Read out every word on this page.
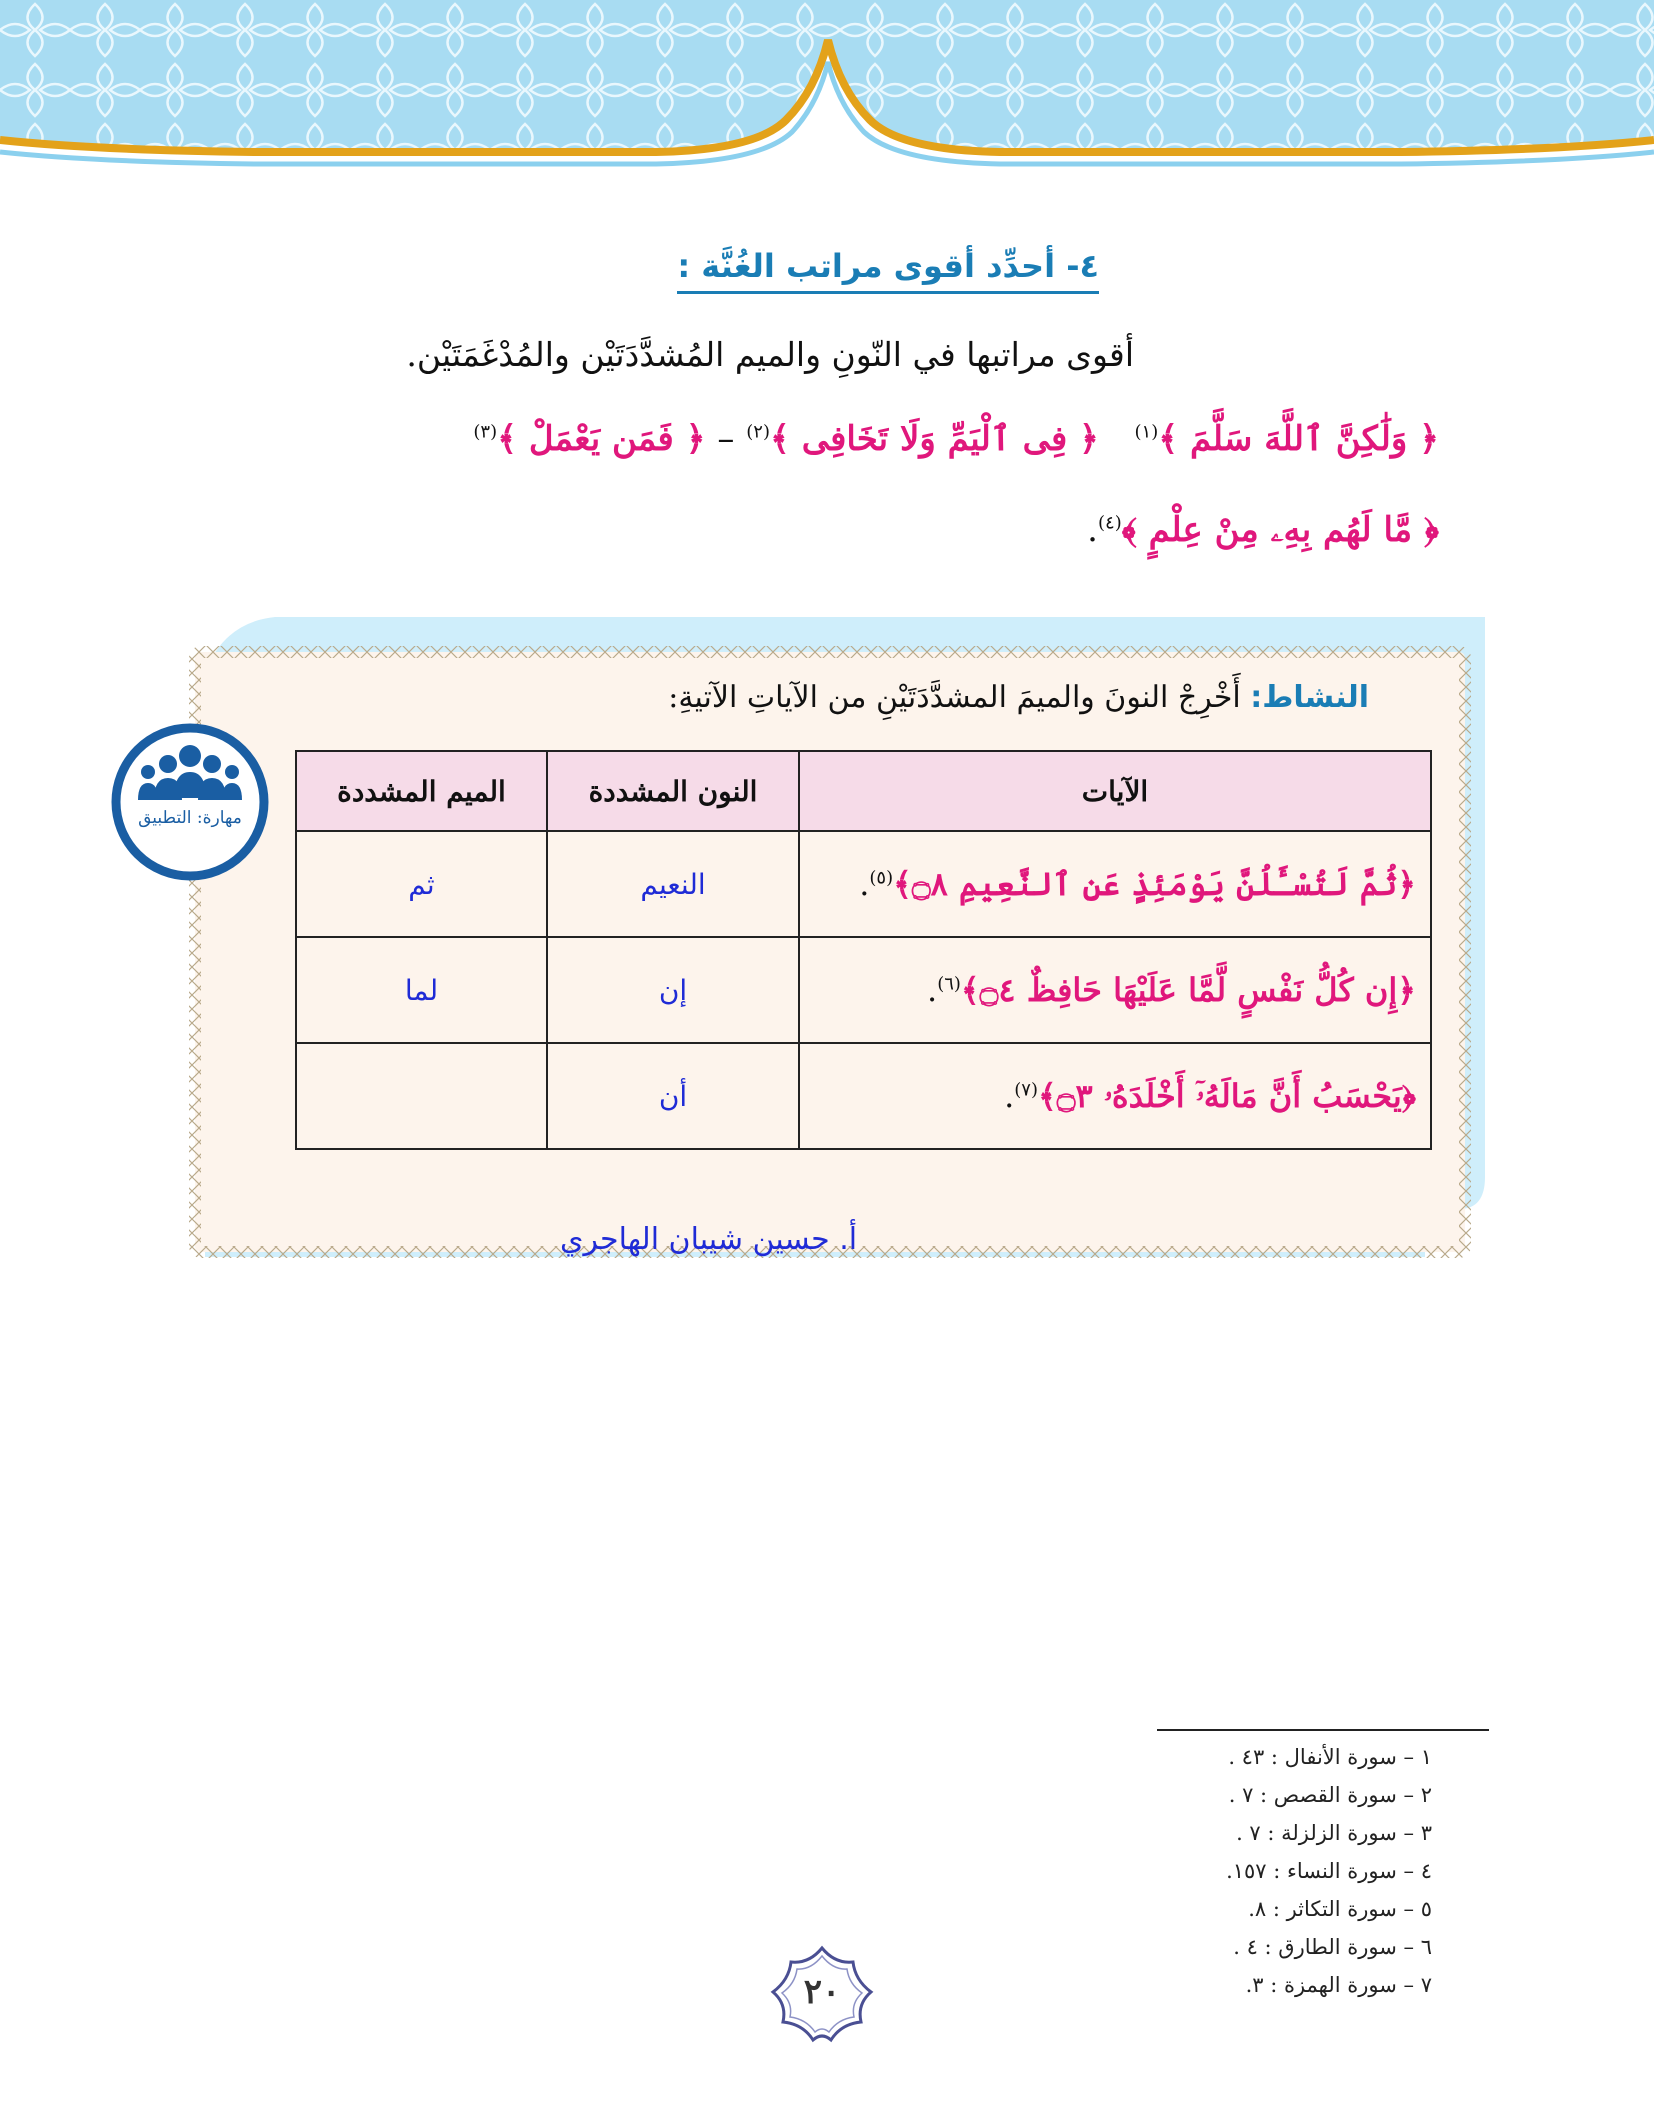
٤- أحدِّد أقوى مراتب الغُنَّة :
أقوى مراتبها في النّونِ والميم المُشدَّدَتَيْن والمُدْغَمَتَيْن.
﴿ وَلَٰكِنَّ ٱللَّهَ سَلَّمَ ﴾$^{(١)}$   ﴿ فِى ٱلْيَمِّ وَلَا تَخَافِى ﴾$^{(٢)}$ – ﴿ فَمَن يَعْمَلْ ﴾$^{(٣)}$
﴿ مَّا لَهُم بِهِۦ مِنْ عِلْمٍ ﴾$^{(٤)}$.
النشاط: أَخْرِجْ النونَ والميمَ المشدَّدَتَيْنِ من الآياتِ الآتيةِ:
مهارة: التطبيق
الآيات	النون المشددة	الميم المشددة
﴿ثُمَّ لَتُسْـَٔلُنَّ يَوْمَئِذٍ عَنِ ٱلنَّعِيمِ ۝٨﴾$^{(٥)}$.	النعيم	ثم
﴿إِن كُلُّ نَفْسٍ لَّمَّا عَلَيْهَا حَافِظٌ ۝٤﴾$^{(٦)}$.	إن	لما
﴿يَحْسَبُ أَنَّ مَالَهُۥٓ أَخْلَدَهُۥ ۝٣﴾$^{(٧)}$.	أن	
أ. حسين شيبان الهاجري
١ – سورة الأنفال : ٤٣ .
٢ – سورة القصص : ٧ .
٣ – سورة الزلزلة : ٧ .
٤ – سورة النساء : ١٥٧.
٥ – سورة التكاثر : ٨.
٦ – سورة الطارق : ٤ .
٧ – سورة الهمزة : ٣.
٢٠
